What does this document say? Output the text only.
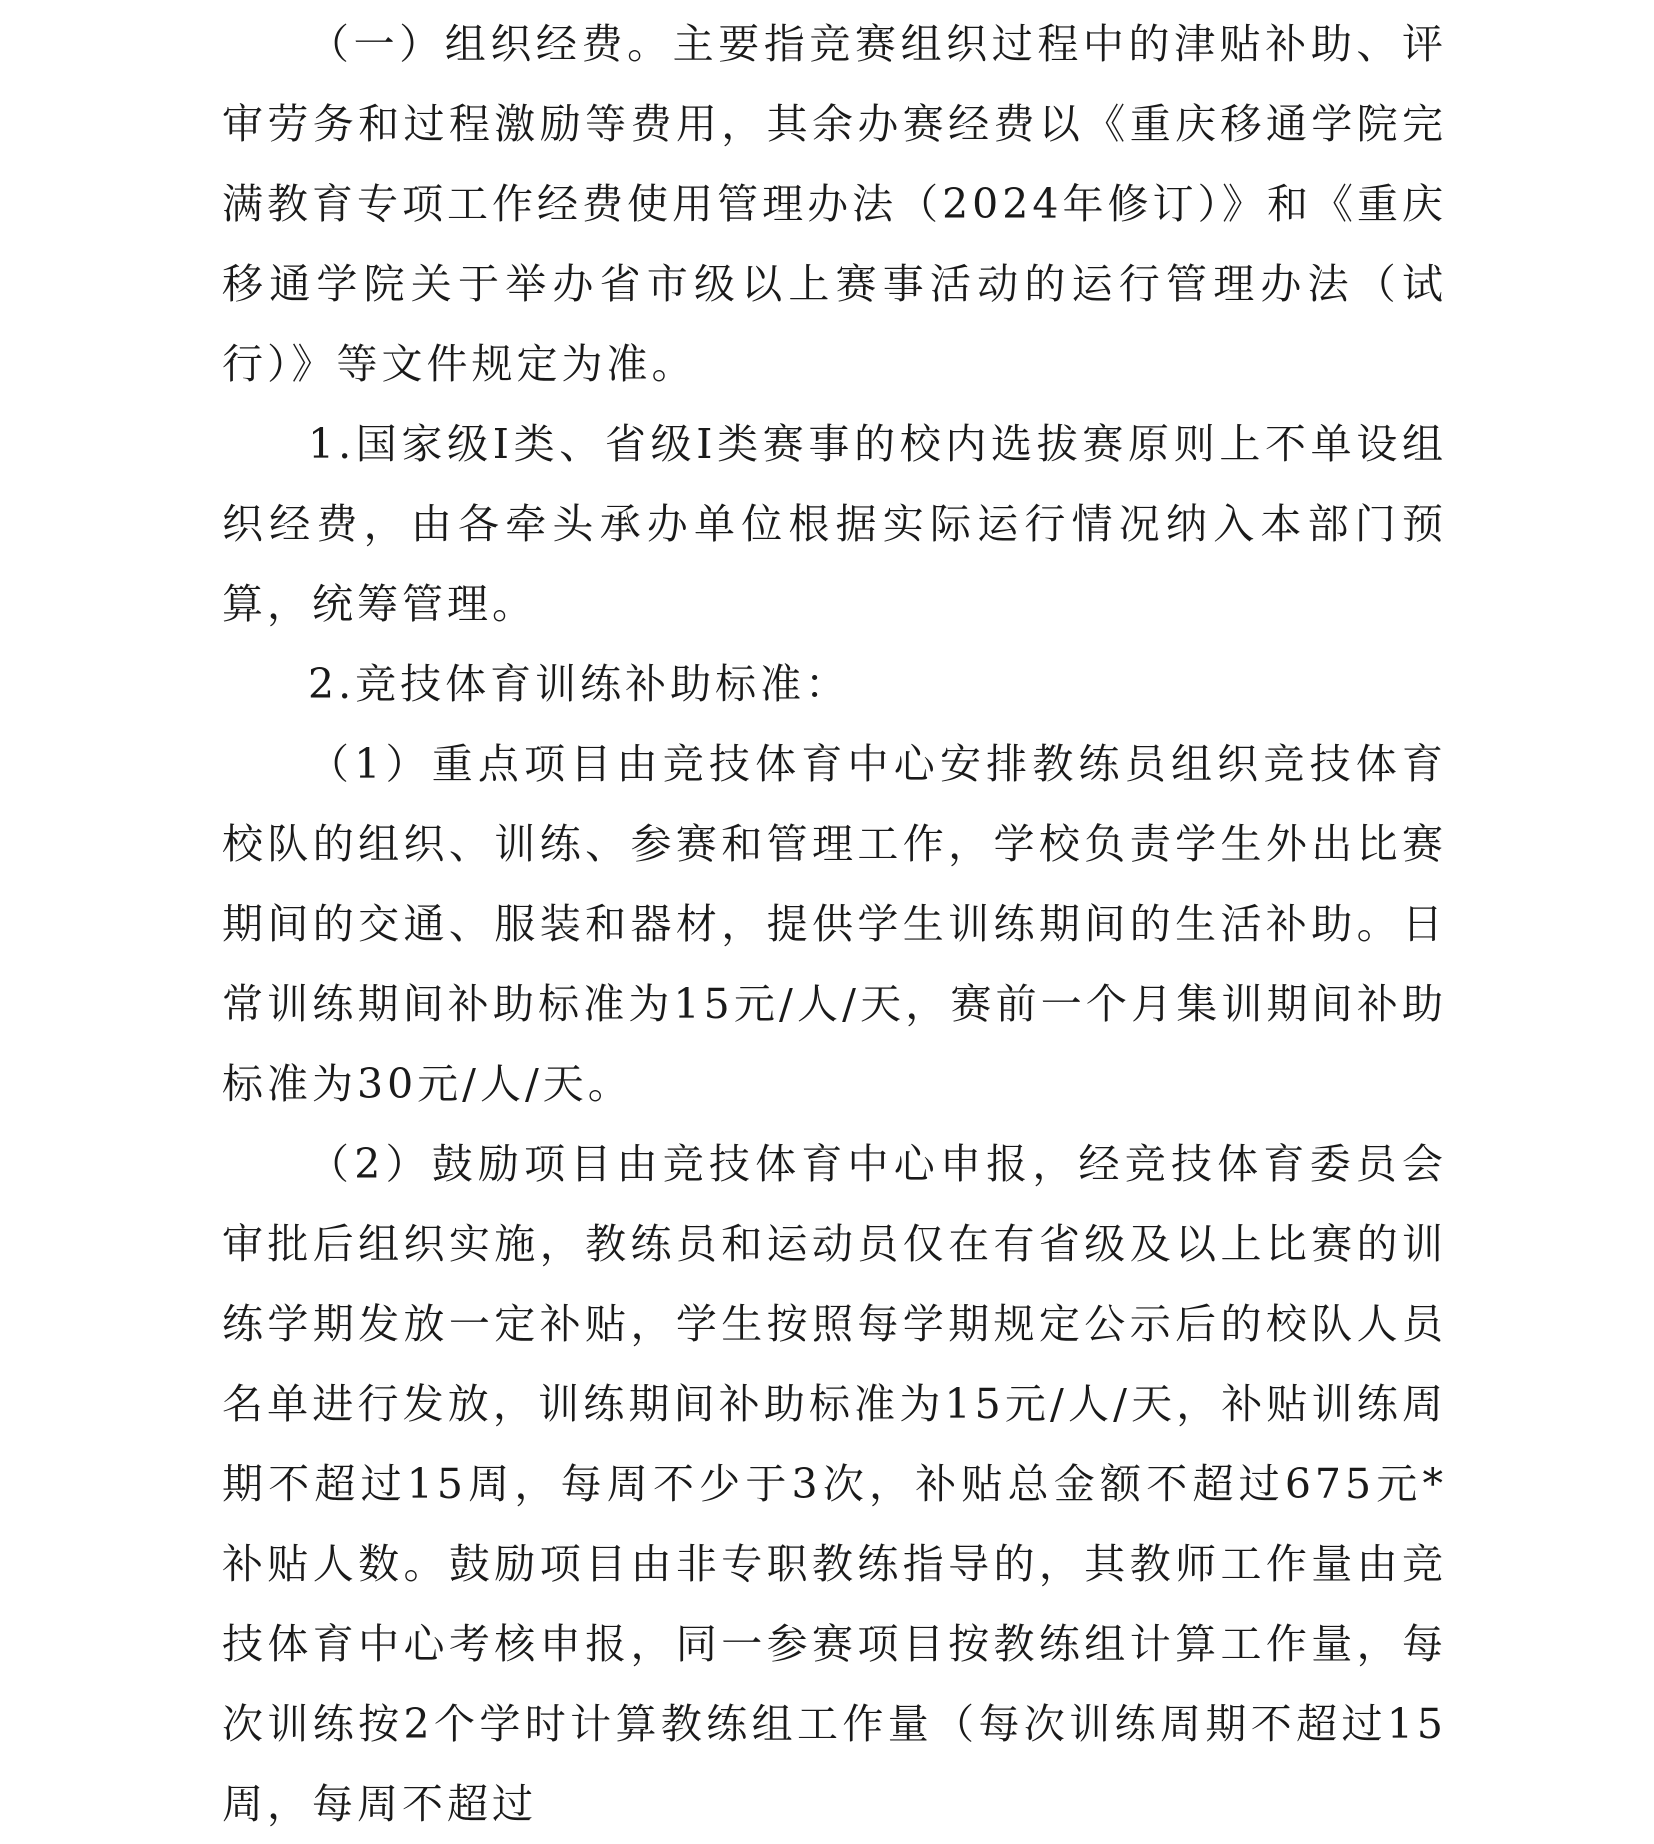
（一）组织经费。主要指竞赛组织过程中的津贴补助、评审劳务和过程激励等费用，其余办赛经费以《重庆移通学院完满教育专项工作经费使用管理办法（2024年修订）》和《重庆移通学院关于举办省市级以上赛事活动的运行管理办法（试行）》等文件规定为准。

1.国家级Ⅰ类、省级Ⅰ类赛事的校内选拔赛原则上不单设组织经费，由各牵头承办单位根据实际运行情况纳入本部门预算，统筹管理。

2.竞技体育训练补助标准：

（1）重点项目由竞技体育中心安排教练员组织竞技体育校队的组织、训练、参赛和管理工作，学校负责学生外出比赛期间的交通、服装和器材，提供学生训练期间的生活补助。日常训练期间补助标准为15元/人/天，赛前一个月集训期间补助标准为30元/人/天。

（2）鼓励项目由竞技体育中心申报，经竞技体育委员会审批后组织实施，教练员和运动员仅在有省级及以上比赛的训练学期发放一定补贴，学生按照每学期规定公示后的校队人员名单进行发放，训练期间补助标准为15元/人/天，补贴训练周期不超过15周，每周不少于3次，补贴总金额不超过675元*补贴人数。鼓励项目由非专职教练指导的，其教师工作量由竞技体育中心考核申报，同一参赛项目按教练组计算工作量，每次训练按2个学时计算教练组工作量（每次训练周期不超过15周，每周不超过
